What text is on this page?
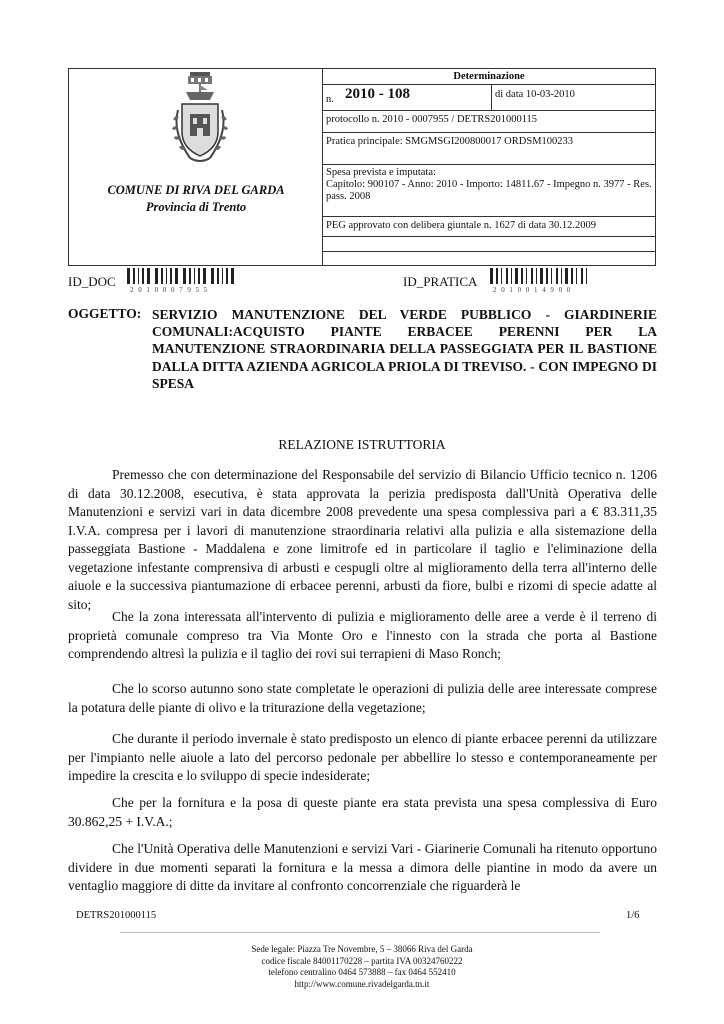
COMUNE DI RIVA DEL GARDA
Provincia di Trento
Determinazione
n. 2010 - 108	di data 10-03-2010
protocollo n. 2010 - 0007955 / DETRS201000115
Pratica principale: SMGMSGI200800017 ORDSM100233
Spesa prevista e imputata:
Capitolo: 900107 - Anno: 2010 - Importo: 14811.67 - Impegno n. 3977 - Res. pass. 2008
PEG approvato con delibera giuntale n. 1627 di data 30.12.2009
ID_DOC
2010007955
ID_PRATICA
2010014900
OGGETTO: SERVIZIO MANUTENZIONE DEL VERDE PUBBLICO - GIARDINERIE COMUNALI:ACQUISTO PIANTE ERBACEE PERENNI PER LA MANUTENZIONE STRAORDINARIA DELLA PASSEGGIATA PER IL BASTIONE DALLA DITTA AZIENDA AGRICOLA PRIOLA DI TREVISO. - CON IMPEGNO DI SPESA
RELAZIONE ISTRUTTORIA
Premesso che con determinazione del Responsabile del servizio di Bilancio Ufficio tecnico n. 1206 di data 30.12.2008, esecutiva, è stata approvata la perizia predisposta dall'Unità Operativa delle Manutenzioni e servizi vari in data dicembre 2008 prevedente una spesa complessiva pari a € 83.311,35 I.V.A. compresa per i lavori di manutenzione straordinaria relativi alla pulizia e alla sistemazione della passeggiata Bastione - Maddalena e zone limitrofe ed in particolare il taglio e l'eliminazione della vegetazione infestante comprensiva di arbusti e cespugli oltre al miglioramento della terra all'interno delle aiuole e la successiva piantumazione di erbacee perenni, arbusti da fiore, bulbi e rizomi di specie adatte al sito;
Che la zona interessata all'intervento di pulizia e miglioramento delle aree a verde è il terreno di proprietà comunale compreso tra Via Monte Oro e l'innesto con la strada che porta al Bastione comprendendo altresì la pulizia e il taglio dei rovi sui terrapieni di Maso Ronch;
Che lo scorso autunno sono state completate le operazioni di pulizia delle aree interessate comprese la potatura delle piante di olivo e la triturazione della vegetazione;
Che durante il periodo invernale è stato predisposto un elenco di piante erbacee perenni da utilizzare per l'impianto nelle aiuole a lato del percorso pedonale per abbellire lo stesso e contemporaneamente per impedire la crescita e lo sviluppo di specie indesiderate;
Che per la fornitura e la posa di queste piante era stata prevista una spesa complessiva di Euro 30.862,25 + I.V.A.;
Che l'Unità Operativa delle Manutenzioni e servizi Vari - Giarinerie Comunali ha ritenuto opportuno dividere in due momenti separati la fornitura e la messa a dimora delle piantine in modo da avere un ventaglio maggiore di ditte da invitare al confronto concorrenziale che riguarderà le
DETRS201000115	1/6
Sede legale: Piazza Tre Novembre, 5 – 38066 Riva del Garda
codice fiscale 84001170228 – partita IVA 00324760222
telefono centralino 0464 573888 – fax 0464 552410
http://www.comune.rivadelgarda.tn.it
